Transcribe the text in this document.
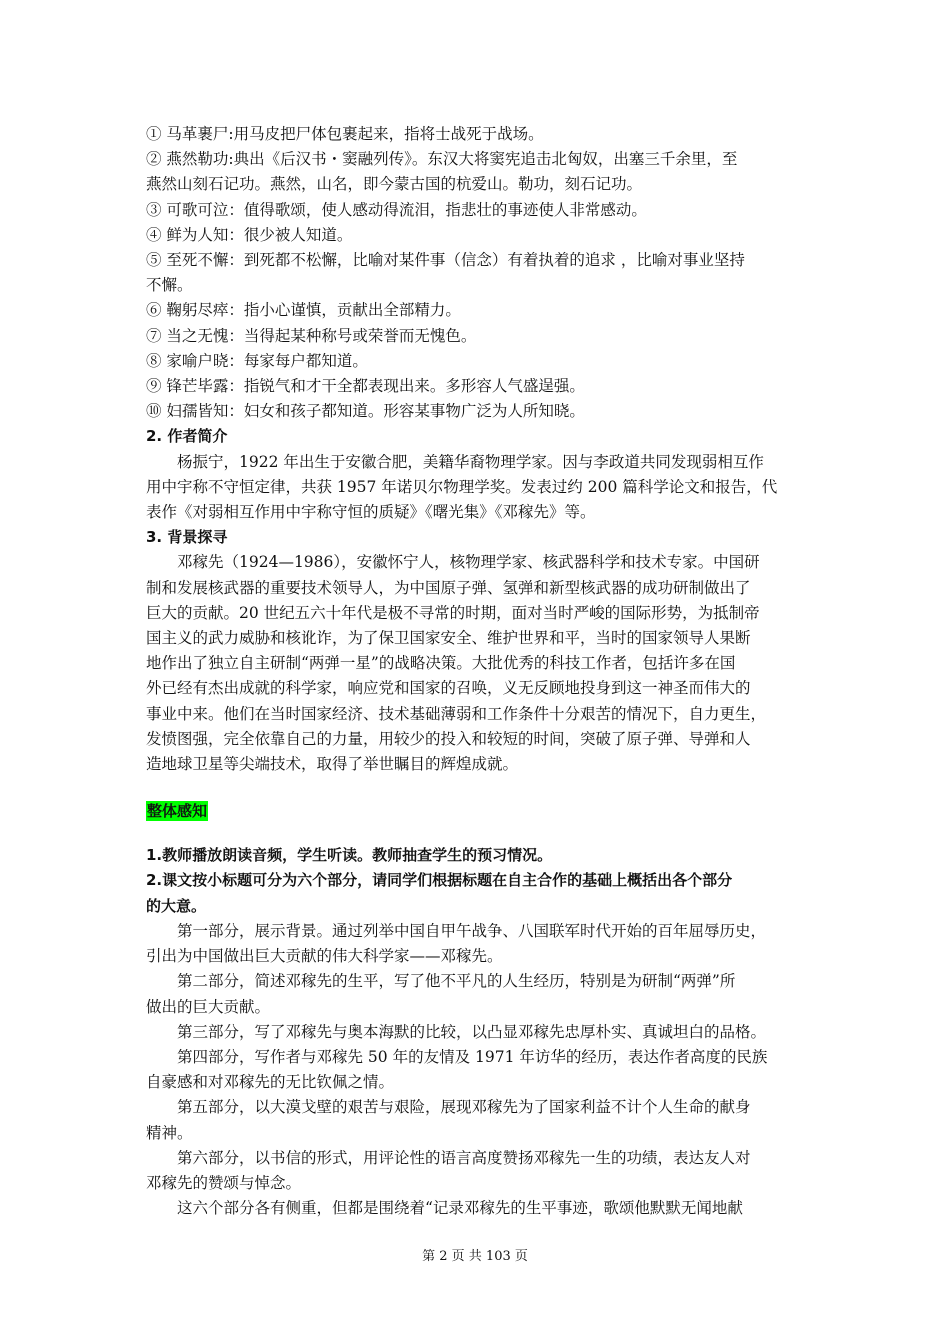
① 马革裹尸:用马皮把尸体包裹起来，指将士战死于战场。
② 燕然勒功:典出《后汉书・窦融列传》。东汉大将窦宪追击北匈奴，出塞三千余里，至
燕然山刻石记功。燕然，山名，即今蒙古国的杭爱山。勒功，刻石记功。
③ 可歌可泣：值得歌颂，使人感动得流泪，指悲壮的事迹使人非常感动。
④ 鲜为人知：很少被人知道。
⑤ 至死不懈：到死都不松懈，比喻对某件事（信念）有着执着的追求 ，比喻对事业坚持
不懈。
⑥ 鞠躬尽瘁：指小心谨慎，贡献出全部精力。
⑦ 当之无愧：当得起某种称号或荣誉而无愧色。
⑧ 家喻户晓：每家每户都知道。
⑨ 锋芒毕露：指锐气和才干全都表现出来。多形容人气盛逞强。
⑩ 妇孺皆知：妇女和孩子都知道。形容某事物广泛为人所知晓。
2. 作者简介
杨振宁，1922 年出生于安徽合肥，美籍华裔物理学家。因与李政道共同发现弱相互作
用中宇称不守恒定律，共获 1957 年诺贝尔物理学奖。发表过约 200 篇科学论文和报告，代
表作《对弱相互作用中宇称守恒的质疑》《曙光集》《邓稼先》等。
3. 背景探寻
邓稼先（1924—1986），安徽怀宁人，核物理学家、核武器科学和技术专家。中国研
制和发展核武器的重要技术领导人，为中国原子弹、氢弹和新型核武器的成功研制做出了
巨大的贡献。20 世纪五六十年代是极不寻常的时期，面对当时严峻的国际形势，为抵制帝
国主义的武力威胁和核讹诈，为了保卫国家安全、维护世界和平，当时的国家领导人果断
地作出了独立自主研制“两弹一星”的战略决策。大批优秀的科技工作者，包括许多在国
外已经有杰出成就的科学家，响应党和国家的召唤，义无反顾地投身到这一神圣而伟大的
事业中来。他们在当时国家经济、技术基础薄弱和工作条件十分艰苦的情况下，自力更生，
发愤图强，完全依靠自己的力量，用较少的投入和较短的时间，突破了原子弹、导弹和人
造地球卫星等尖端技术，取得了举世瞩目的辉煌成就。
整体感知
1.教师播放朗读音频，学生听读。教师抽查学生的预习情况。
2.课文按小标题可分为六个部分，请同学们根据标题在自主合作的基础上概括出各个部分
的大意。
第一部分，展示背景。通过列举中国自甲午战争、八国联军时代开始的百年屈辱历史，
引出为中国做出巨大贡献的伟大科学家——邓稼先。
第二部分，简述邓稼先的生平，写了他不平凡的人生经历，特别是为研制“两弹”所
做出的巨大贡献。
第三部分，写了邓稼先与奥本海默的比较，以凸显邓稼先忠厚朴实、真诚坦白的品格。
第四部分，写作者与邓稼先 50 年的友情及 1971 年访华的经历，表达作者高度的民族
自豪感和对邓稼先的无比钦佩之情。
第五部分，以大漠戈壁的艰苦与艰险，展现邓稼先为了国家利益不计个人生命的献身
精神。
第六部分，以书信的形式，用评论性的语言高度赞扬邓稼先一生的功绩，表达友人对
邓稼先的赞颂与悼念。
这六个部分各有侧重，但都是围绕着“记录邓稼先的生平事迹，歌颂他默默无闻地献
第 2 页 共 103 页
